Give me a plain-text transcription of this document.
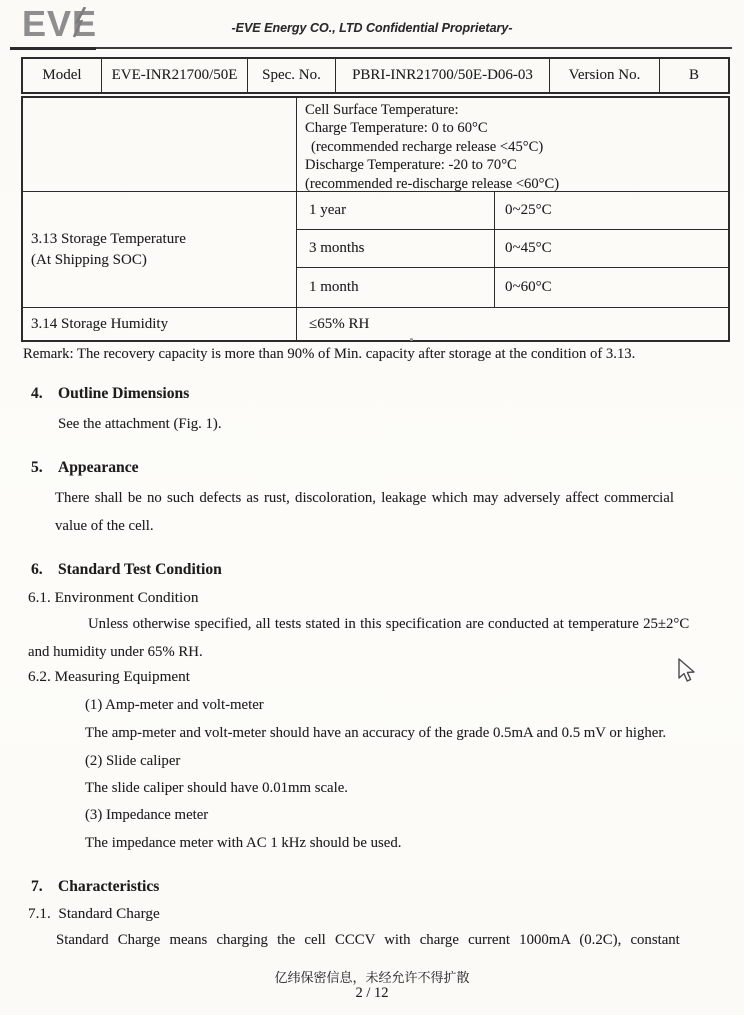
EVE	-EVE Energy CO., LTD Confidential Proprietary-
Model	EVE-INR21700/50E	Spec. No.	PBRI-INR21700/50E-D06-03	Version No.	B
Cell Surface Temperature:
Charge Temperature: 0 to 60°C
(recommended recharge release <45°C)
Discharge Temperature: -20 to 70°C
(recommended re-discharge release <60°C)
3.13 Storage Temperature
(At Shipping SOC)
1 year	0~25°C
3 months	0~45°C
1 month	0~60°C
3.14 Storage Humidity	≤65% RH
Remark: The recovery capacity is more than 90% of Min. capacity after storage at the condition of 3.13.
4. Outline Dimensions
See the attachment (Fig. 1).
5. Appearance
There shall be no such defects as rust, discoloration, leakage which may adversely affect commercial
value of the cell.
6. Standard Test Condition
6.1. Environment Condition
Unless otherwise specified, all tests stated in this specification are conducted at temperature 25±2°C
and humidity under 65% RH.
6.2. Measuring Equipment
(1) Amp-meter and volt-meter
The amp-meter and volt-meter should have an accuracy of the grade 0.5mA and 0.5 mV or higher.
(2) Slide caliper
The slide caliper should have 0.01mm scale.
(3) Impedance meter
The impedance meter with AC 1 kHz should be used.
7. Characteristics
7.1.  Standard Charge
Standard Charge means charging the cell CCCV with charge current 1000mA (0.2C), constant
亿纬保密信息，未经允许不得扩散
2 / 12
